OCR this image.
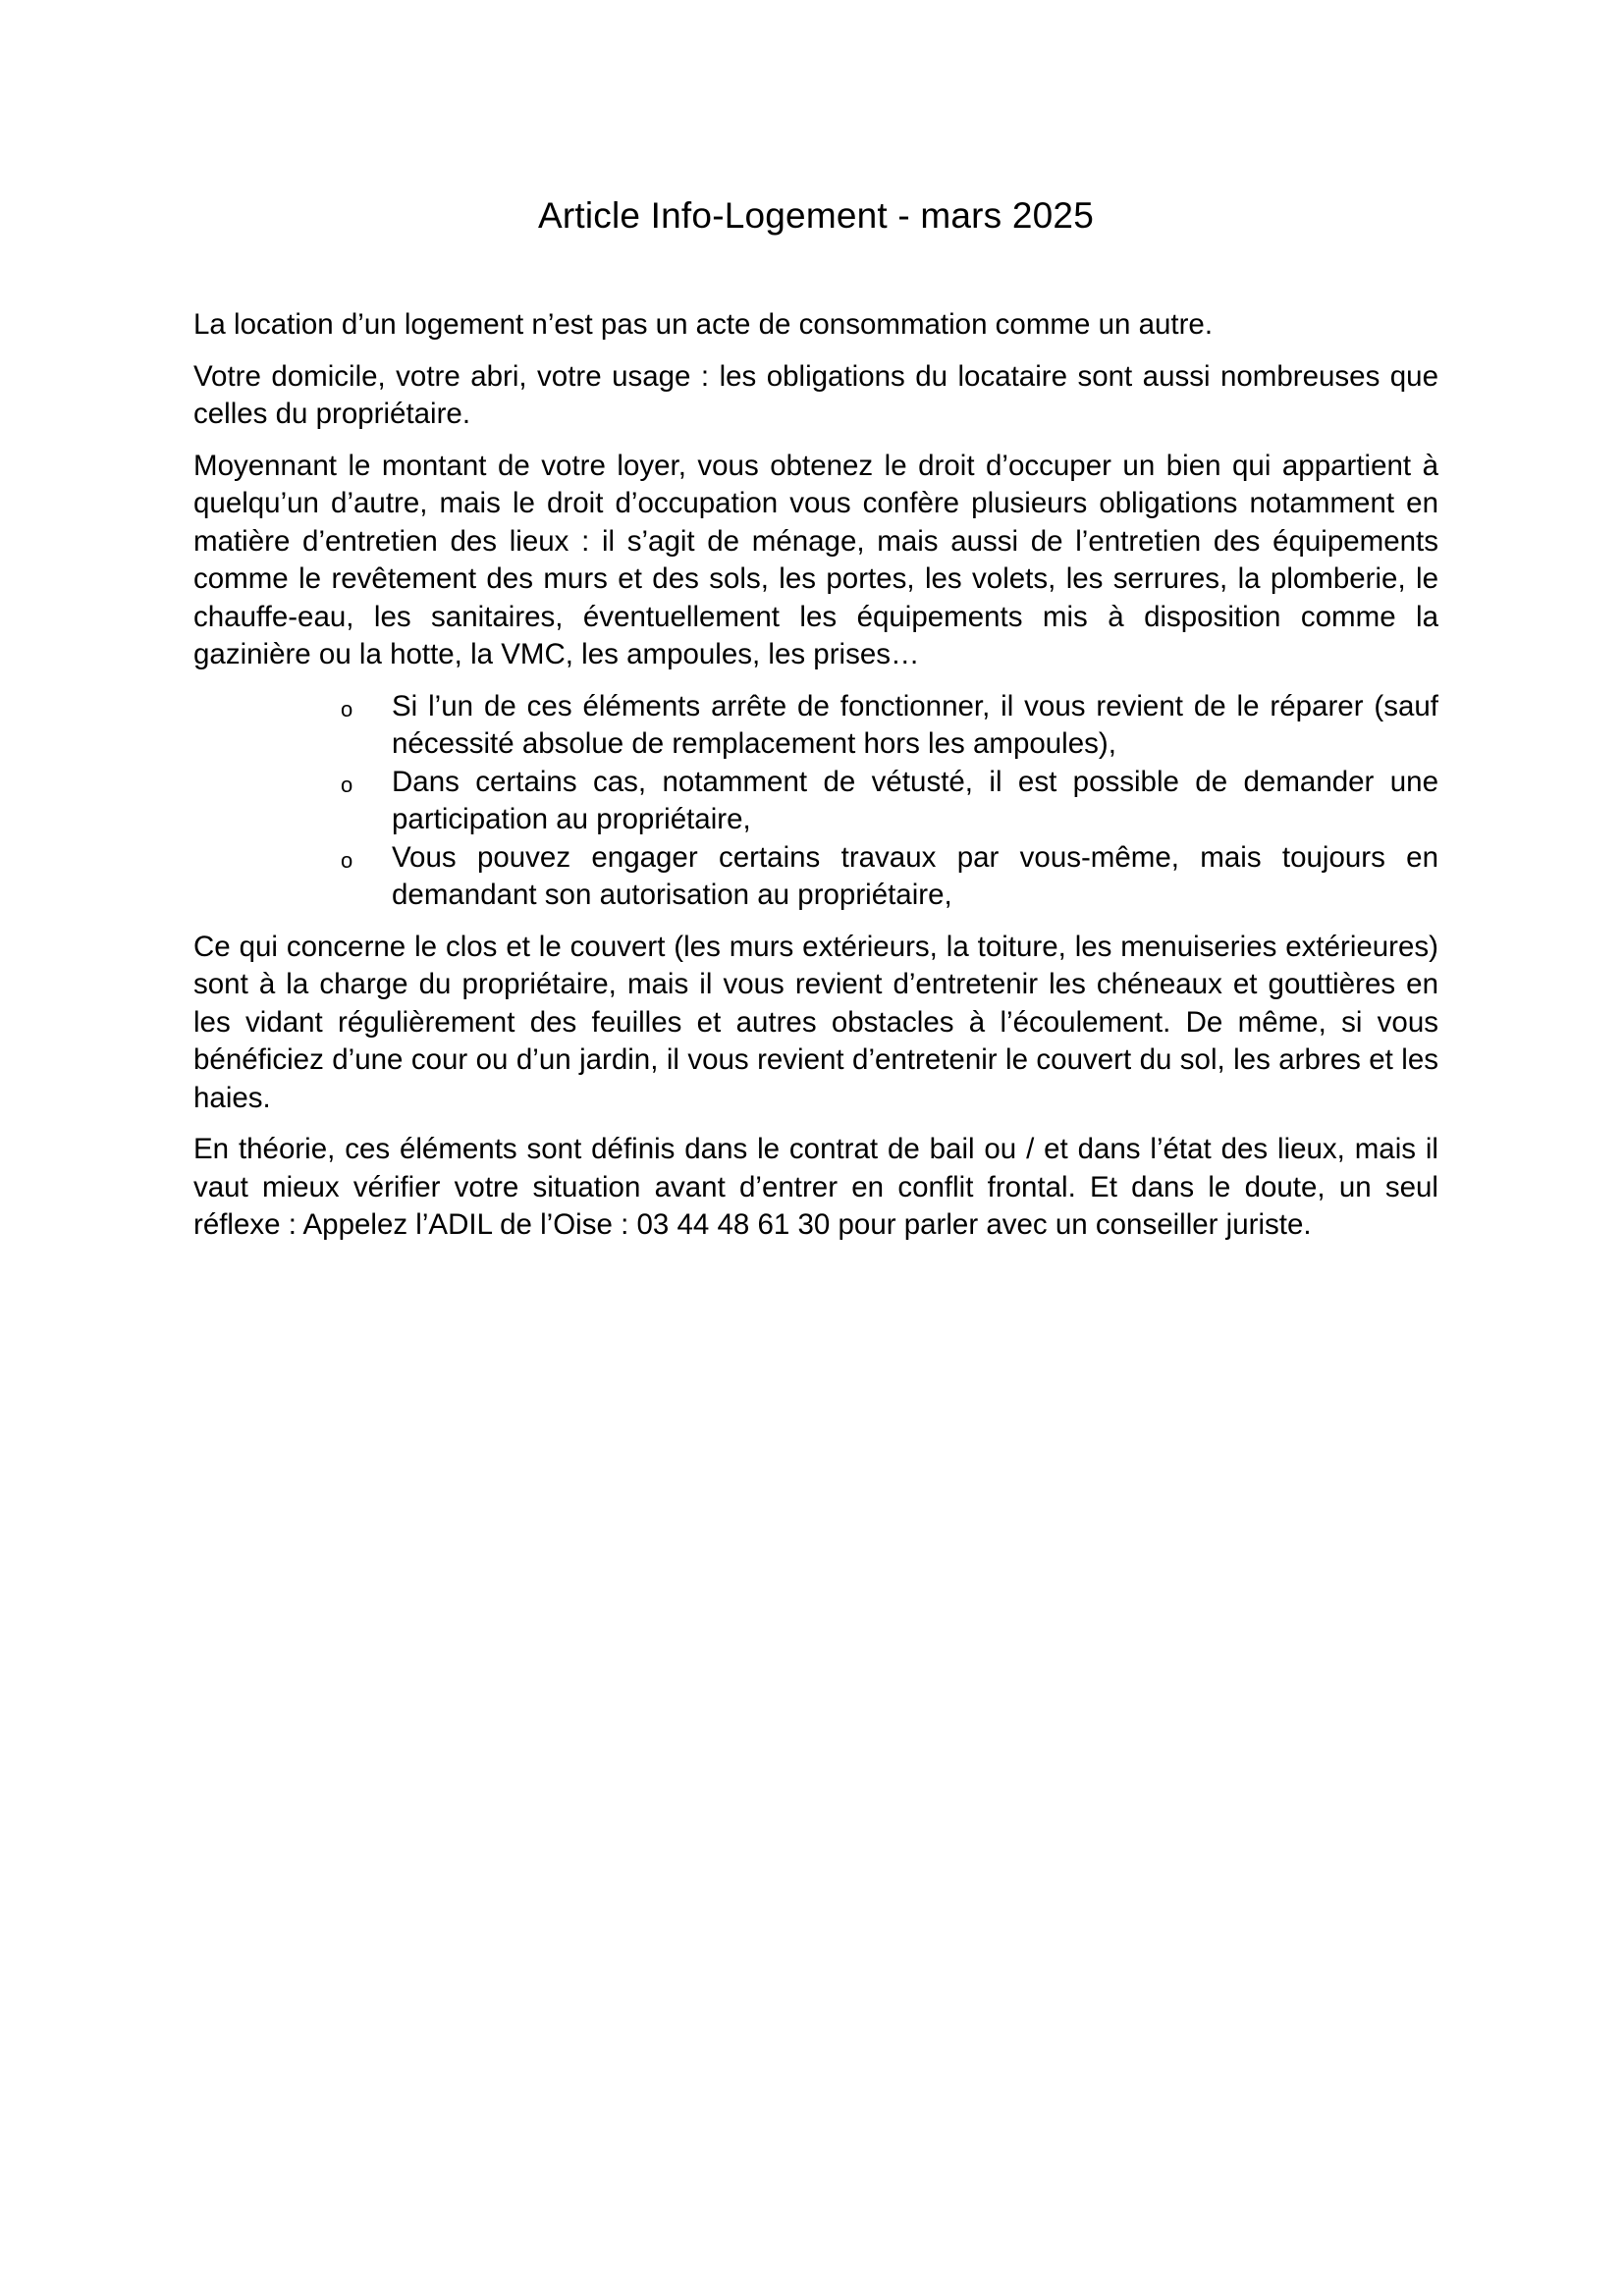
Article Info-Logement - mars 2025

La location d’un logement n’est pas un acte de consommation comme un autre.

Votre domicile, votre abri, votre usage : les obligations du locataire sont aussi nombreuses que celles du propriétaire.

Moyennant le montant de votre loyer, vous obtenez le droit d’occuper un bien qui appartient à quelqu’un d’autre, mais le droit d’occupation vous confère plusieurs obligations notamment en matière d’entretien des lieux : il s’agit de ménage, mais aussi de l’entretien des équipements comme le revêtement des murs et des sols, les portes, les volets, les serrures, la plomberie, le chauffe-eau, les sanitaires, éventuellement les équipements mis à disposition comme la gazinière ou la hotte, la VMC, les ampoules, les prises…

o Si l’un de ces éléments arrête de fonctionner, il vous revient de le réparer (sauf nécessité absolue de remplacement hors les ampoules),
o Dans certains cas, notamment de vétusté, il est possible de demander une participation au propriétaire,
o Vous pouvez engager certains travaux par vous-même, mais toujours en demandant son autorisation au propriétaire,

Ce qui concerne le clos et le couvert (les murs extérieurs, la toiture, les menuiseries extérieures) sont à la charge du propriétaire, mais il vous revient d’entretenir les chéneaux et gouttières en les vidant régulièrement des feuilles et autres obstacles à l’écoulement. De même, si vous bénéficiez d’une cour ou d’un jardin, il vous revient d’entretenir le couvert du sol, les arbres et les haies.

En théorie, ces éléments sont définis dans le contrat de bail ou / et dans l’état des lieux, mais il vaut mieux vérifier votre situation avant d’entrer en conflit frontal. Et dans le doute, un seul réflexe : Appelez l’ADIL de l’Oise : 03 44 48 61 30 pour parler avec un conseiller juriste.
